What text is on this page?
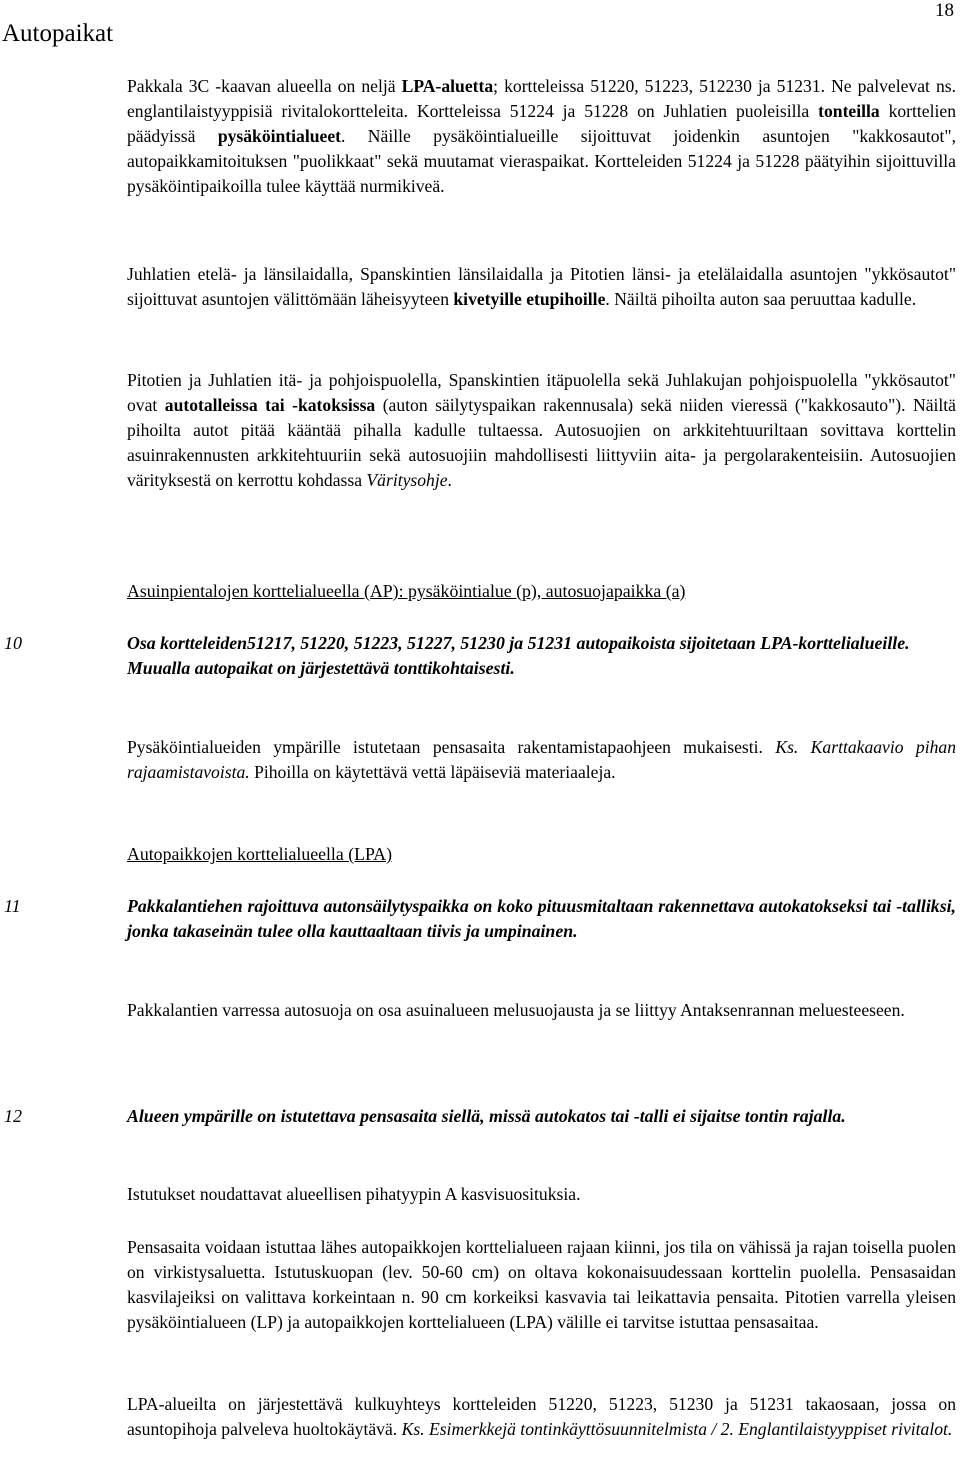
Autopaikat
18

Pakkala 3C -kaavan alueella on neljä LPA-aluetta; kortteleissa 51220, 51223, 512230 ja 51231. Ne palvelevat ns. englantilaistyyppisiä rivitalokortteleita. Kortteleissa 51224 ja 51228 on Juhlatien puoleisilla tonteilla korttelien päädyissä pysäköintialueet. Näille pysäköintialueille sijoittuvat joidenkin asuntojen "kakkosautot", autopaikkamitoituksen "puolikkaat" sekä muutamat vieraspaikat. Kortteleiden 51224 ja 51228 päätyihin sijoittuvilla pysäköintipaikoilla tulee käyttää nurmikiveä.

Juhlatien etelä- ja länsilaidalla, Spanskintien länsilaidalla ja Pitotien länsi- ja etelälaidalla asuntojen "ykkösautot" sijoittuvat asuntojen välittömään läheisyyteen kivetyille etupihoille. Näiltä pihoilta auton saa peruuttaa kadulle.

Pitotien ja Juhlatien itä- ja pohjoispuolella, Spanskintien itäpuolella sekä Juhlakujan pohjoispuolella "ykkösautot" ovat autotalleissa tai -katoksissa (auton säilytyspaikan rakennusala) sekä niiden vieressä ("kakkosauto"). Näiltä pihoilta autot pitää kääntää pihalla kadulle tultaessa. Autosuojien on arkkitehtuuriltaan sovittava korttelin asuinrakennusten arkkitehtuuriin sekä autosuojiin mahdollisesti liittyviin aita- ja pergolarakenteisiin. Autosuojien värityksestä on kerrottu kohdassa Väritysohje.

Asuinpientalojen korttelialueella (AP): pysäköintialue (p), autosuojapaikka (a)

10	Osa kortteleiden51217, 51220, 51223, 51227, 51230 ja 51231 autopaikoista sijoitetaan LPA-korttelialueille.
Muualla autopaikat on järjestettävä tonttikohtaisesti.

Pysäköintialueiden ympärille istutetaan pensasaita rakentamistapaohjeen mukaisesti. Ks. Karttakaavio pihan rajaamistavoista. Pihoilla on käytettävä vettä läpäiseviä materiaaleja.

Autopaikkojen korttelialueella (LPA)

11	Pakkalantiehen rajoittuva autonsäilytyspaikka on koko pituusmitaltaan rakennettava autokatokseksi tai -talliksi, jonka takaseinän tulee olla kauttaaltaan tiivis ja umpinainen.

Pakkalantien varressa autosuoja on osa asuinalueen melusuojausta ja se liittyy Antaksenrannan meluesteeseen.

12	Alueen ympärille on istutettava pensasaita siellä, missä autokatos tai -talli ei sijaitse tontin rajalla.

Istutukset noudattavat alueellisen pihatyypin A kasvisuosituksia.

Pensasaita voidaan istuttaa lähes autopaikkojen korttelialueen rajaan kiinni, jos tila on vähissä ja rajan toisella puolen on virkistysaluetta. Istutuskuopan (lev. 50-60 cm) on oltava kokonaisuudessaan korttelin puolella. Pensasaidan kasvilajeiksi on valittava korkeintaan n. 90 cm korkeiksi kasvavia tai leikattavia pensaita. Pitotien varrella yleisen pysäköintialueen (LP) ja autopaikkojen korttelialueen (LPA) välille ei tarvitse istuttaa pensasaitaa.

LPA-alueilta on järjestettävä kulkuyhteys kortteleiden 51220, 51223, 51230 ja 51231 takaosaan, jossa on asuntopihoja palveleva huoltokäytävä. Ks. Esimerkkejä tontinkäyttösuunnitelmista / 2. Englantilaistyyppiset rivitalot.
